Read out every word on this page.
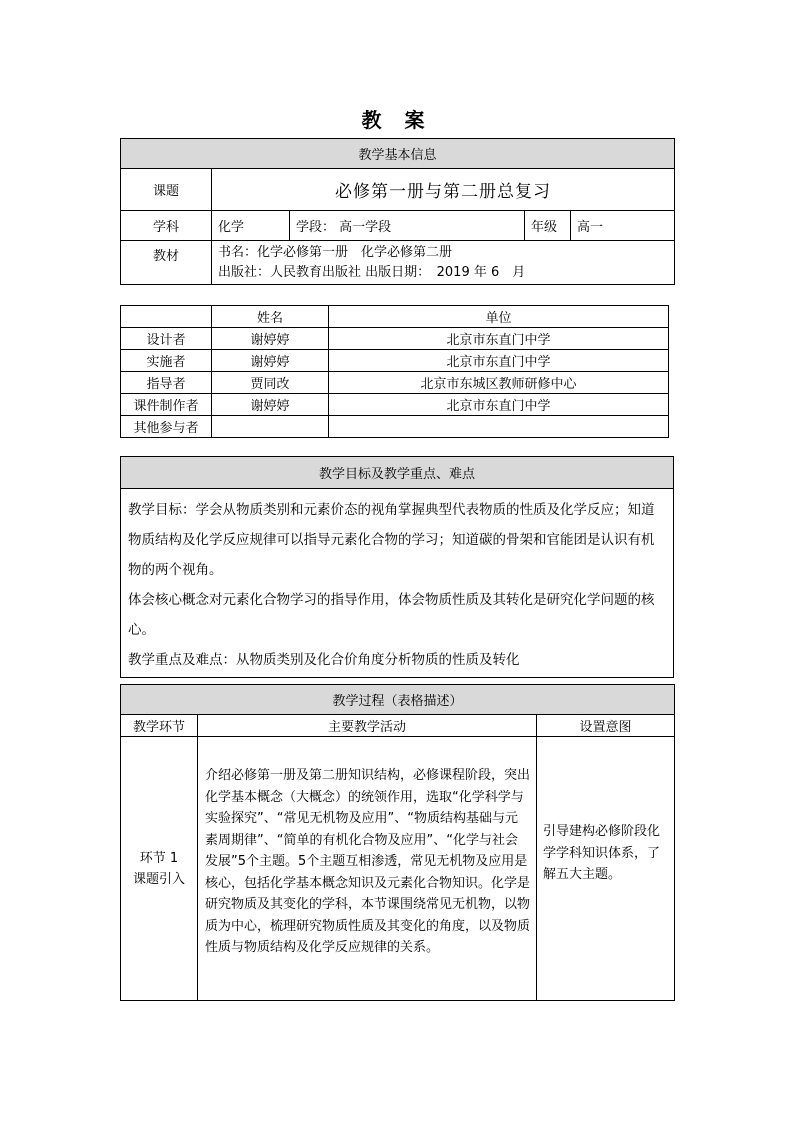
教 案
教学基本信息				
课题	必修第一册与第二册总复习			
学科	化学	学段： 高一学段	年级	高一
教材	书名：化学必修第一册　化学必修第二册
出版社：人民教育出版社 出版日期：　2019 年 6　月			
	姓名	单位
设计者	谢婷婷	北京市东直门中学
实施者	谢婷婷	北京市东直门中学
指导者	贾同改	北京市东城区教师研修中心
课件制作者	谢婷婷	北京市东直门中学
其他参与者		
教学目标及教学重点、难点

教学目标：学会从物质类别和元素价态的视角掌握典型代表物质的性质及化学反应；知道物质结构及化学反应规律可以指导元素化合物的学习；知道碳的骨架和官能团是认识有机物的两个视角。
体会核心概念对元素化合物学习的指导作用，体会物质性质及其转化是研究化学问题的核心。
教学重点及难点：从物质类别及化合价角度分析物质的性质及转化
教学过程（表格描述）		
教学环节	主要教学活动	设置意图

环节 1
课题引入	介绍必修第一册及第二册知识结构，必修课程阶段，突出化学基本概念（大概念）的统领作用，选取“化学科学与实验探究”、“常见无机物及应用”、“物质结构基础与元素周期律”、“简单的有机化合物及应用”、“化学与社会发展”5个主题。5个主题互相渗透，常见无机物及应用是核心，包括化学基本概念知识及元素化合物知识。化学是研究物质及其变化的学科，本节课围绕常见无机物，以物质为中心，梳理研究物质性质及其变化的角度，以及物质性质与物质结构及化学反应规律的关系。	引导建构必修阶段化学学科知识体系，了解五大主题。
